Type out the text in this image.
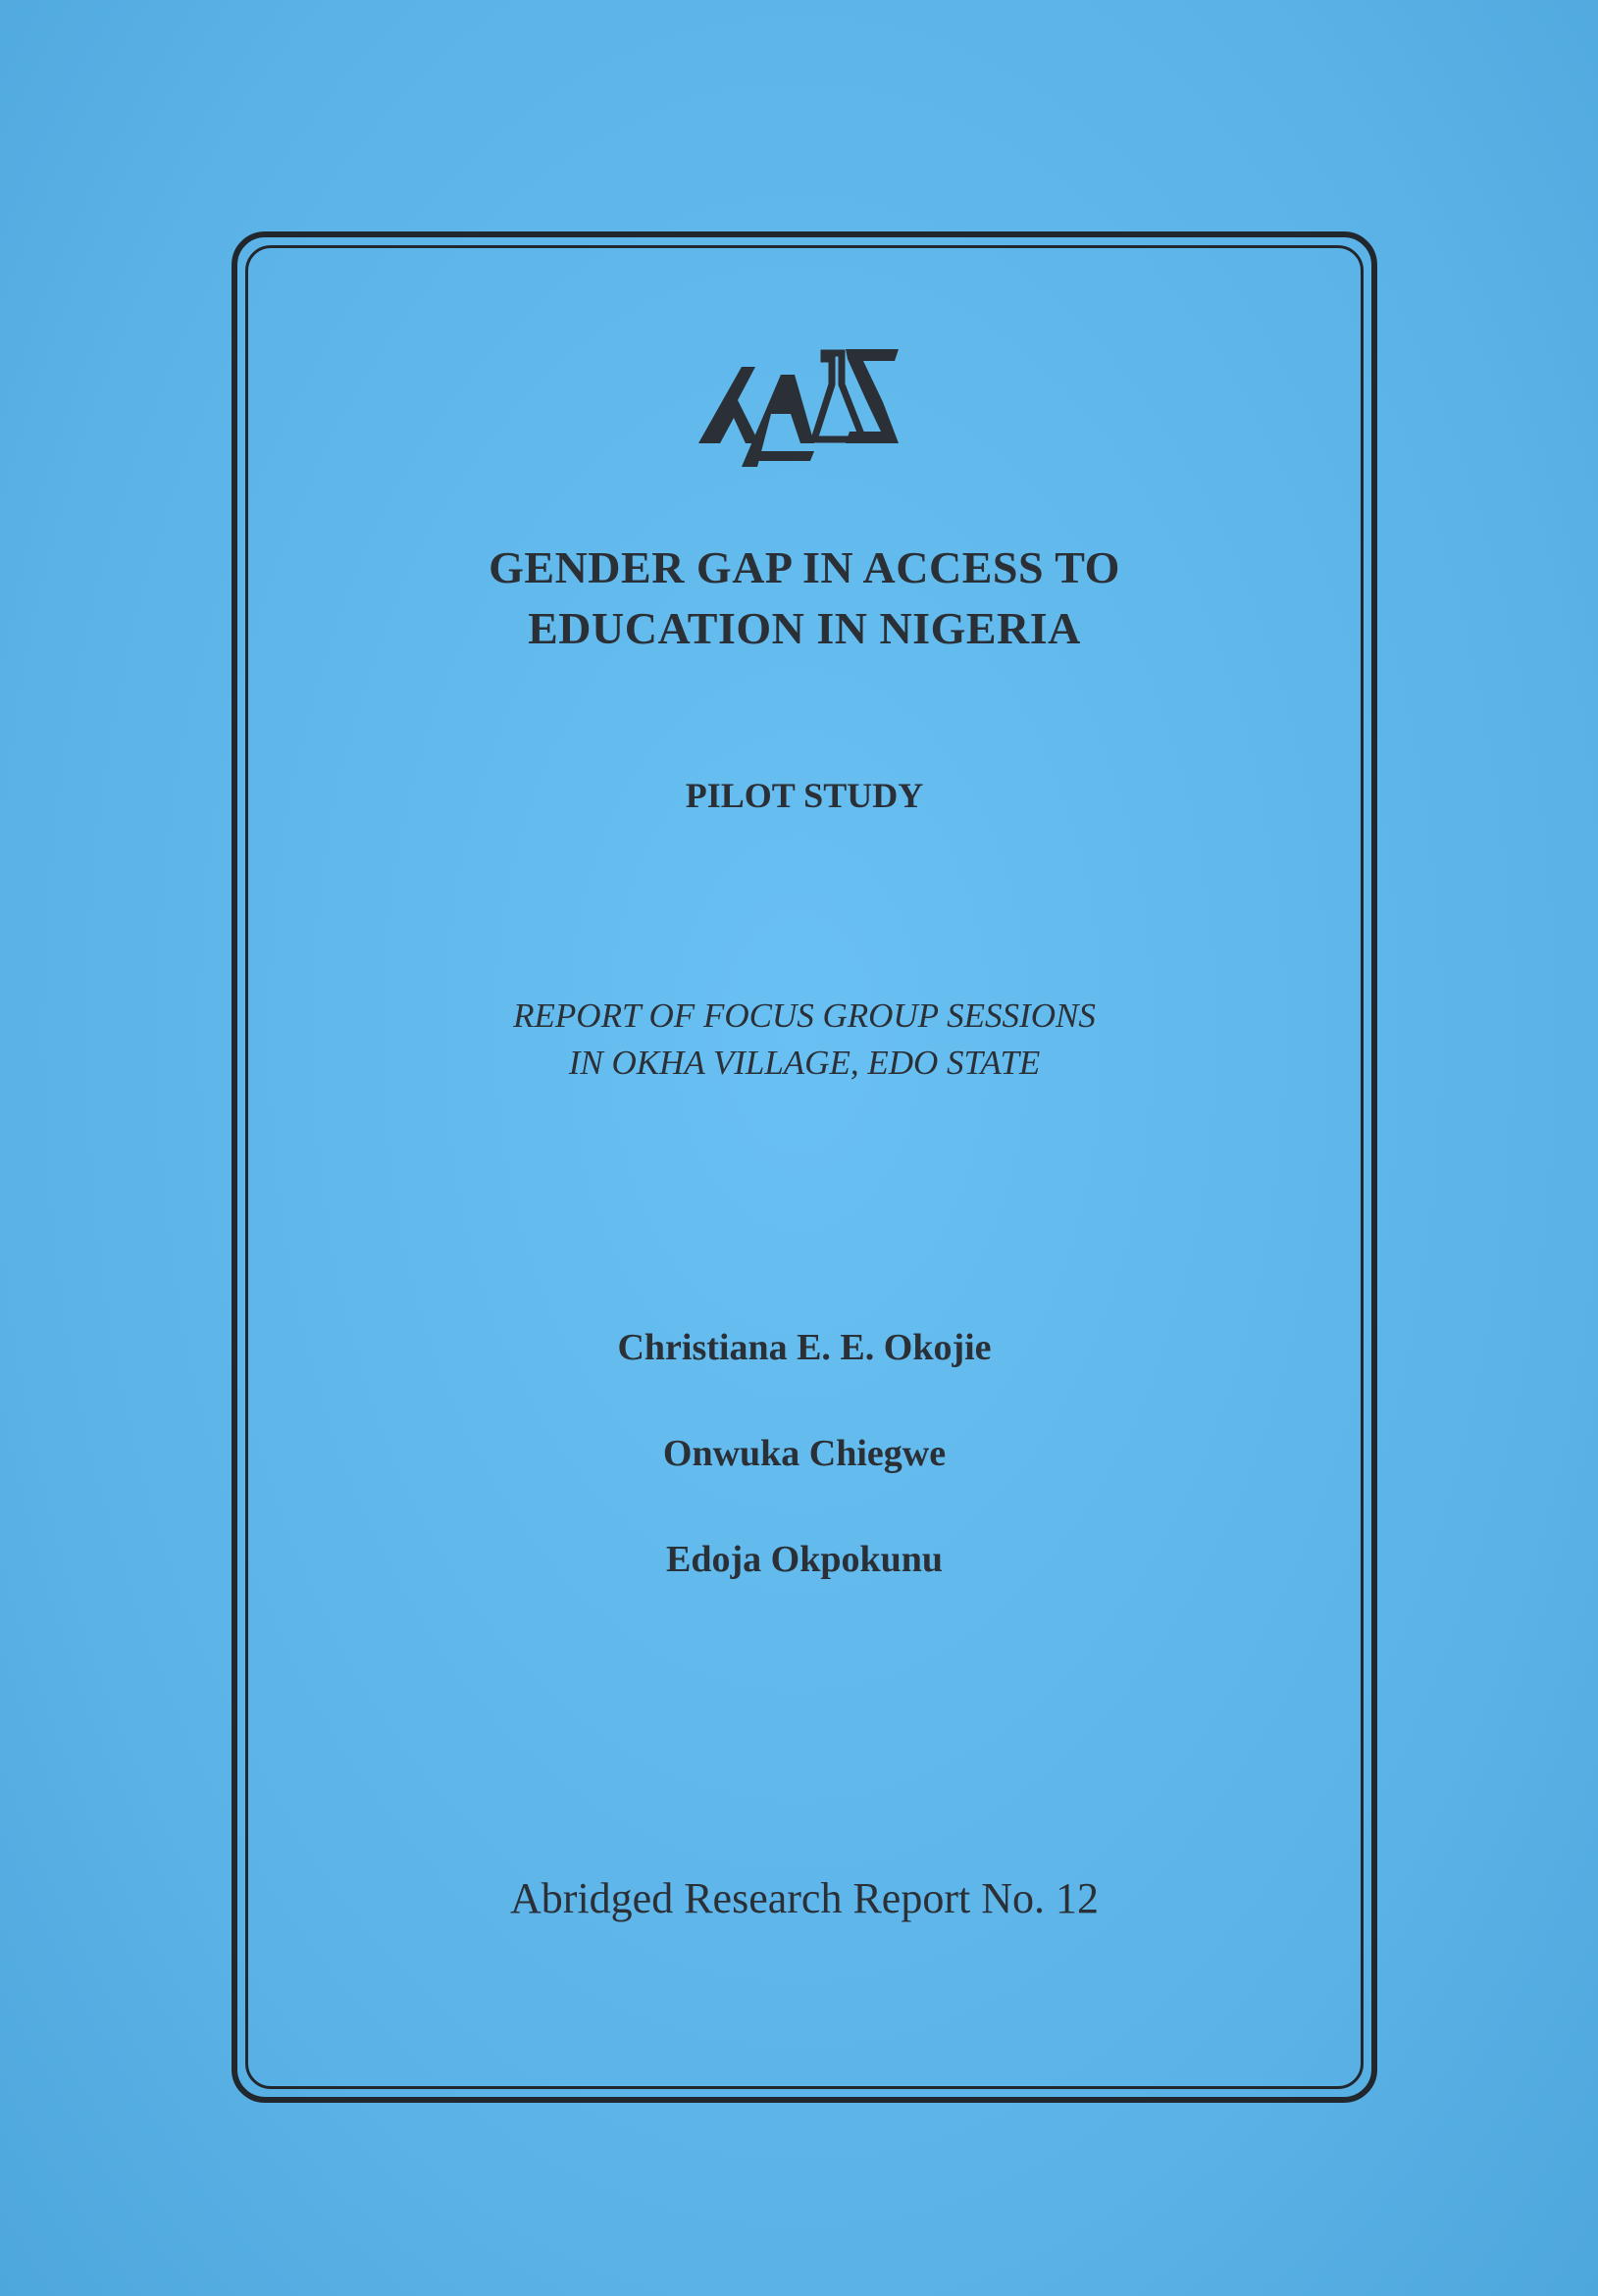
GENDER GAP IN ACCESS TO
EDUCATION IN NIGERIA
PILOT STUDY
REPORT OF FOCUS GROUP SESSIONS
IN OKHA VILLAGE, EDO STATE
Christiana E. E. Okojie
Onwuka Chiegwe
Edoja Okpokunu
Abridged Research Report No. 12
